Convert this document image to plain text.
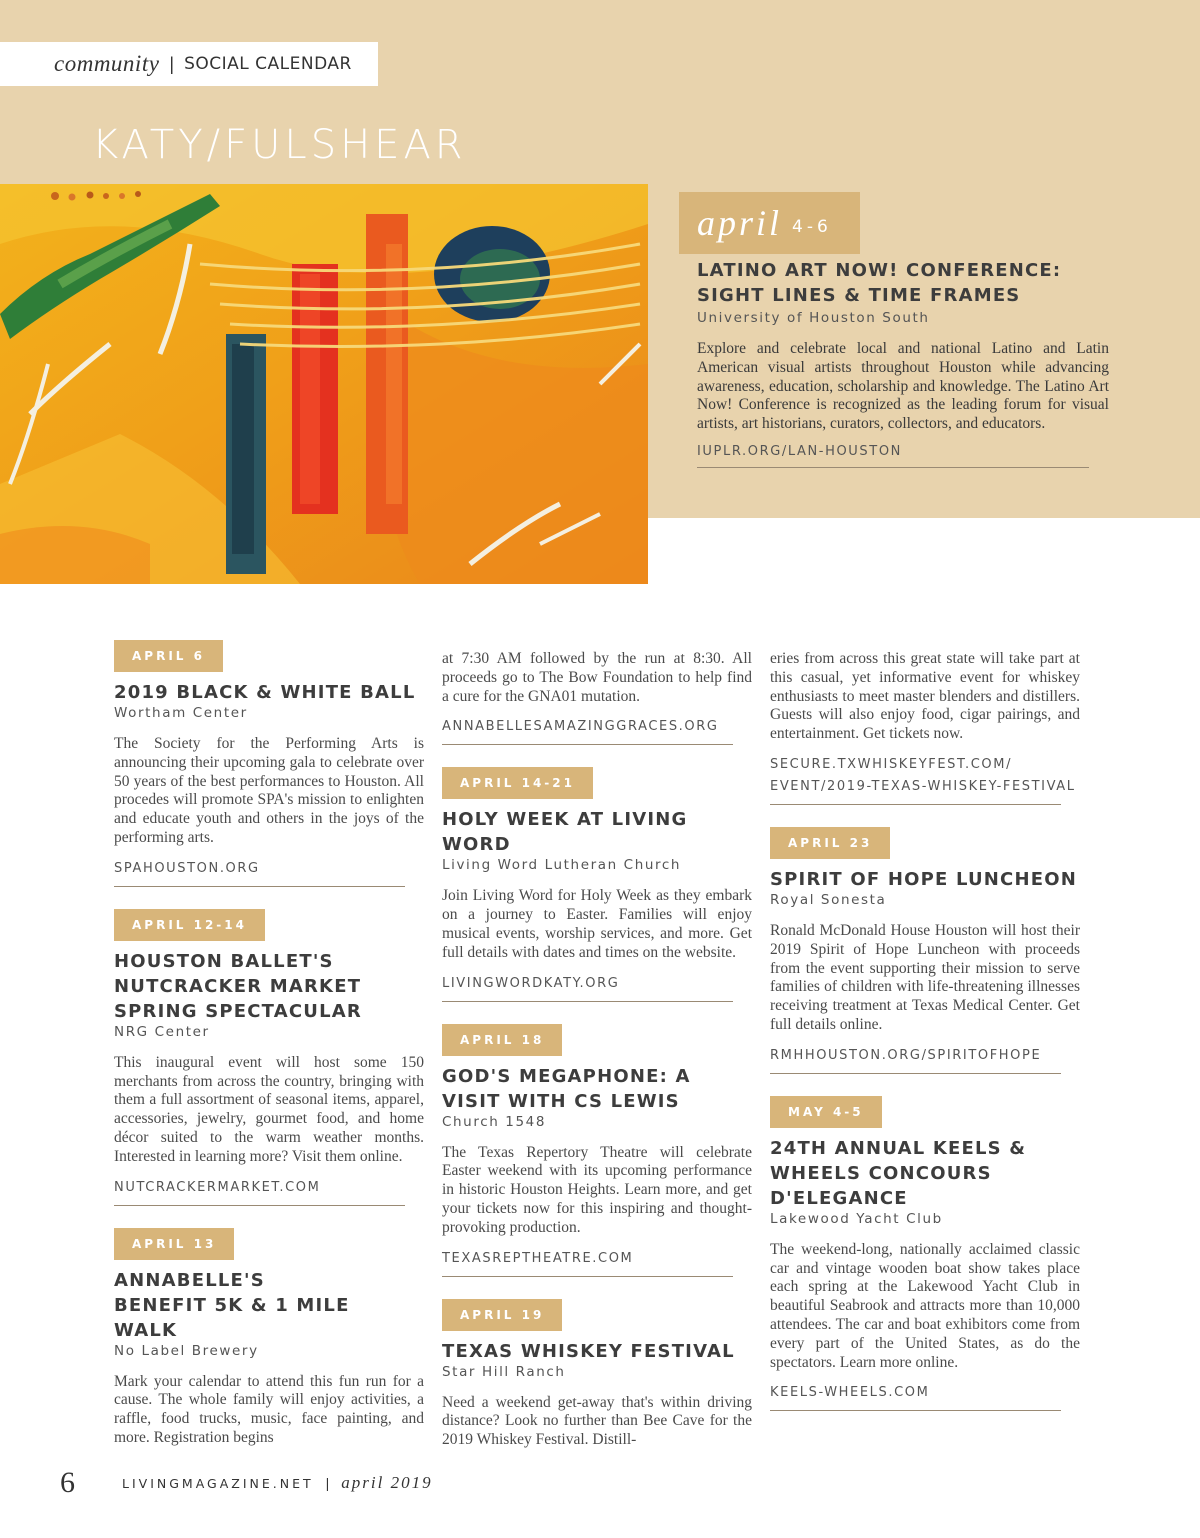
community | SOCIAL CALENDAR
KATY/FULSHEAR
april 4-6
LATINO ART NOW! CONFERENCE:
SIGHT LINES & TIME FRAMES
University of Houston South

Explore and celebrate local and national Latino and Latin American visual artists throughout Houston while advancing awareness, education, scholarship and knowledge. The Latino Art Now! Conference is recognized as the leading forum for visual artists, art historians, curators, collectors, and educators.

IUPLR.ORG/LAN-HOUSTON
APRIL 6
2019 BLACK & WHITE BALL
Wortham Center

The Society for the Performing Arts is announcing their upcoming gala to celebrate over 50 years of the best performances to Houston. All procedes will promote SPA's mission to enlighten and educate youth and others in the joys of the performing arts.

SPAHOUSTON.ORG
APRIL 12-14
HOUSTON BALLET'S NUTCRACKER MARKET SPRING SPECTACULAR
NRG Center

This inaugural event will host some 150 merchants from across the country, bringing with them a full assortment of seasonal items, apparel, accessories, jewelry, gourmet food, and home décor suited to the warm weather months. Interested in learning more? Visit them online.

NUTCRACKERMARKET.COM
APRIL 13
ANNABELLE'S BENEFIT 5K & 1 MILE WALK
No Label Brewery

Mark your calendar to attend this fun run for a cause. The whole family will enjoy activities, a raffle, food trucks, music, face painting, and more. Registration begins

at 7:30 AM followed by the run at 8:30. All proceeds go to The Bow Foundation to help find a cure for the GNA01 mutation.

ANNABELLESAMAZINGGRACES.ORG
APRIL 14-21
HOLY WEEK AT LIVING WORD
Living Word Lutheran Church

Join Living Word for Holy Week as they embark on a journey to Easter. Families will enjoy musical events, worship services, and more. Get full details with dates and times on the website.

LIVINGWORDKATY.ORG
APRIL 18
GOD'S MEGAPHONE: A VISIT WITH CS LEWIS
Church 1548

The Texas Repertory Theatre will celebrate Easter weekend with its upcoming performance in historic Houston Heights. Learn more, and get your tickets now for this inspiring and thought-provoking production.

TEXASREPTHEATRE.COM
APRIL 19
TEXAS WHISKEY FESTIVAL
Star Hill Ranch

Need a weekend get-away that's within driving distance? Look no further than Bee Cave for the 2019 Whiskey Festival. Distill-

eries from across this great state will take part at this casual, yet informative event for whiskey enthusiasts to meet master blenders and distillers. Guests will also enjoy food, cigar pairings, and entertainment. Get tickets now.

SECURE.TXWHISKEYFEST.COM/
EVENT/2019-TEXAS-WHISKEY-FESTIVAL
APRIL 23
SPIRIT OF HOPE LUNCHEON
Royal Sonesta

Ronald McDonald House Houston will host their 2019 Spirit of Hope Luncheon with proceeds from the event supporting their mission to serve families of children with life-threatening illnesses receiving treatment at Texas Medical Center. Get full details online.

RMHHOUSTON.ORG/SPIRITOFHOPE
MAY 4-5
24TH ANNUAL KEELS & WHEELS CONCOURS D'ELEGANCE
Lakewood Yacht Club

The weekend-long, nationally acclaimed classic car and vintage wooden boat show takes place each spring at the Lakewood Yacht Club in beautiful Seabrook and attracts more than 10,000 attendees. The car and boat exhibitors come from every part of the United States, as do the spectators. Learn more online.

KEELS-WHEELS.COM
6	LIVINGMAGAZINE.NET | april 2019
